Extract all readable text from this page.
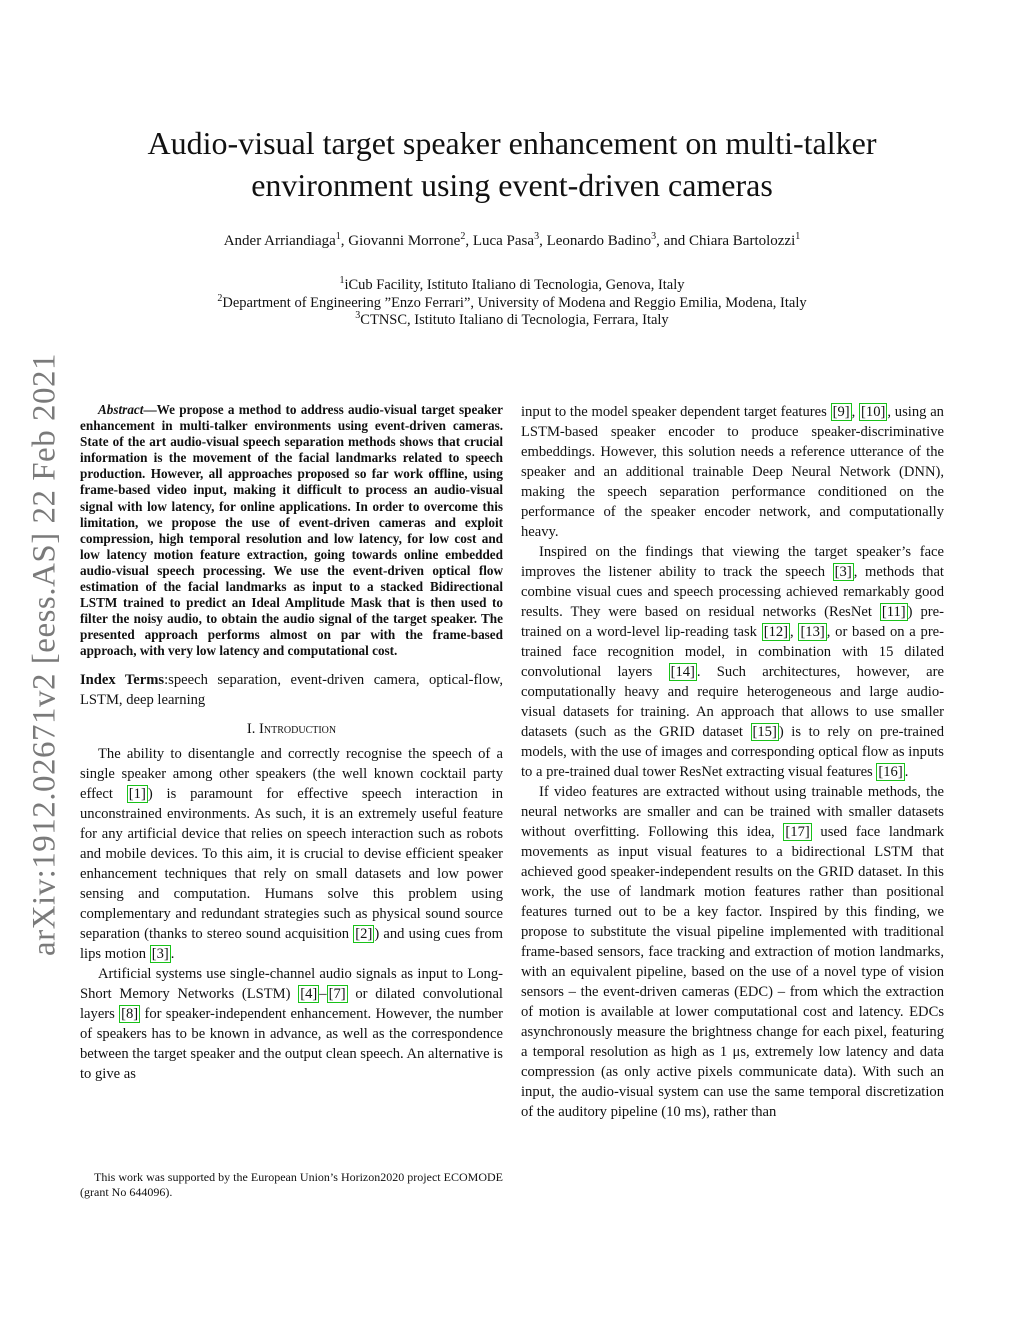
arXiv:1912.02671v2 [eess.AS] 22 Feb 2021
Audio-visual target speaker enhancement on multi-talker environment using event-driven cameras
Ander Arriandiaga$^1$, Giovanni Morrone$^2$, Luca Pasa$^3$, Leonardo Badino$^3$, and Chiara Bartolozzi$^1$
$^1$iCub Facility, Istituto Italiano di Tecnologia, Genova, Italy
$^2$Department of Engineering ”Enzo Ferrari”, University of Modena and Reggio Emilia, Modena, Italy
$^3$CTNSC, Istituto Italiano di Tecnologia, Ferrara, Italy

Abstract—We propose a method to address audio-visual target speaker enhancement in multi-talker environments using event-driven cameras. State of the art audio-visual speech separation methods shows that crucial information is the movement of the facial landmarks related to speech production. However, all approaches proposed so far work offline, using frame-based video input, making it difficult to process an audio-visual signal with low latency, for online applications. In order to overcome this limitation, we propose the use of event-driven cameras and exploit compression, high temporal resolution and low latency, for low cost and low latency motion feature extraction, going towards online embedded audio-visual speech processing. We use the event-driven optical flow estimation of the facial landmarks as input to a stacked Bidirectional LSTM trained to predict an Ideal Amplitude Mask that is then used to filter the noisy audio, to obtain the audio signal of the target speaker. The presented approach performs almost on par with the frame-based approach, with very low latency and computational cost.

Index Terms:speech separation, event-driven camera, optical-flow, LSTM, deep learning

I. Introduction

The ability to disentangle and correctly recognise the speech of a single speaker among other speakers (the well known cocktail party effect [1] ) is paramount for effective speech interaction in unconstrained environments. As such, it is an extremely useful feature for any artificial device that relies on speech interaction such as robots and mobile devices. To this aim, it is crucial to devise efficient speaker enhancement techniques that rely on small datasets and low power sensing and computation. Humans solve this problem using complementary and redundant strategies such as physical sound source separation (thanks to stereo sound acquisition [2] ) and using cues from lips motion [3] .

Artificial systems use single-channel audio signals as input to Long-Short Memory Networks (LSTM) [4] – [7] or dilated convolutional layers [8] for speaker-independent enhancement. However, the number of speakers has to be known in advance, as well as the correspondence between the target speaker and the output clean speech. An alternative is to give as

This work was supported by the European Union’s Horizon2020 project ECOMODE (grant No 644096).

input to the model speaker dependent target features [9] , [10] , using an LSTM-based speaker encoder to produce speaker-discriminative embeddings. However, this solution needs a reference utterance of the speaker and an additional trainable Deep Neural Network (DNN), making the speech separation performance conditioned on the performance of the speaker encoder network, and computationally heavy.

Inspired on the findings that viewing the target speaker’s face improves the listener ability to track the speech [3] , methods that combine visual cues and speech processing achieved remarkably good results. They were based on residual networks (ResNet [11] ) pre-trained on a word-level lip-reading task [12] , [13] , or based on a pre-trained face recognition model, in combination with 15 dilated convolutional layers [14] . Such architectures, however, are computationally heavy and require heterogeneous and large audio-visual datasets for training. An approach that allows to use smaller datasets (such as the GRID dataset [15] ) is to rely on pre-trained models, with the use of images and corresponding optical flow as inputs to a pre-trained dual tower ResNet extracting visual features [16] .

If video features are extracted without using trainable methods, the neural networks are smaller and can be trained with smaller datasets without overfitting. Following this idea, [17] used face landmark movements as input visual features to a bidirectional LSTM that achieved good speaker-independent results on the GRID dataset. In this work, the use of landmark motion features rather than positional features turned out to be a key factor. Inspired by this finding, we propose to substitute the visual pipeline implemented with traditional frame-based sensors, face tracking and extraction of motion landmarks, with an equivalent pipeline, based on the use of a novel type of vision sensors – the event-driven cameras (EDC) – from which the extraction of motion is available at lower computational cost and latency. EDCs asynchronously measure the brightness change for each pixel, featuring a temporal resolution as high as 1 μs, extremely low latency and data compression (as only active pixels communicate data). With such an input, the audio-visual system can use the same temporal discretization of the auditory pipeline (10 ms), rather than
